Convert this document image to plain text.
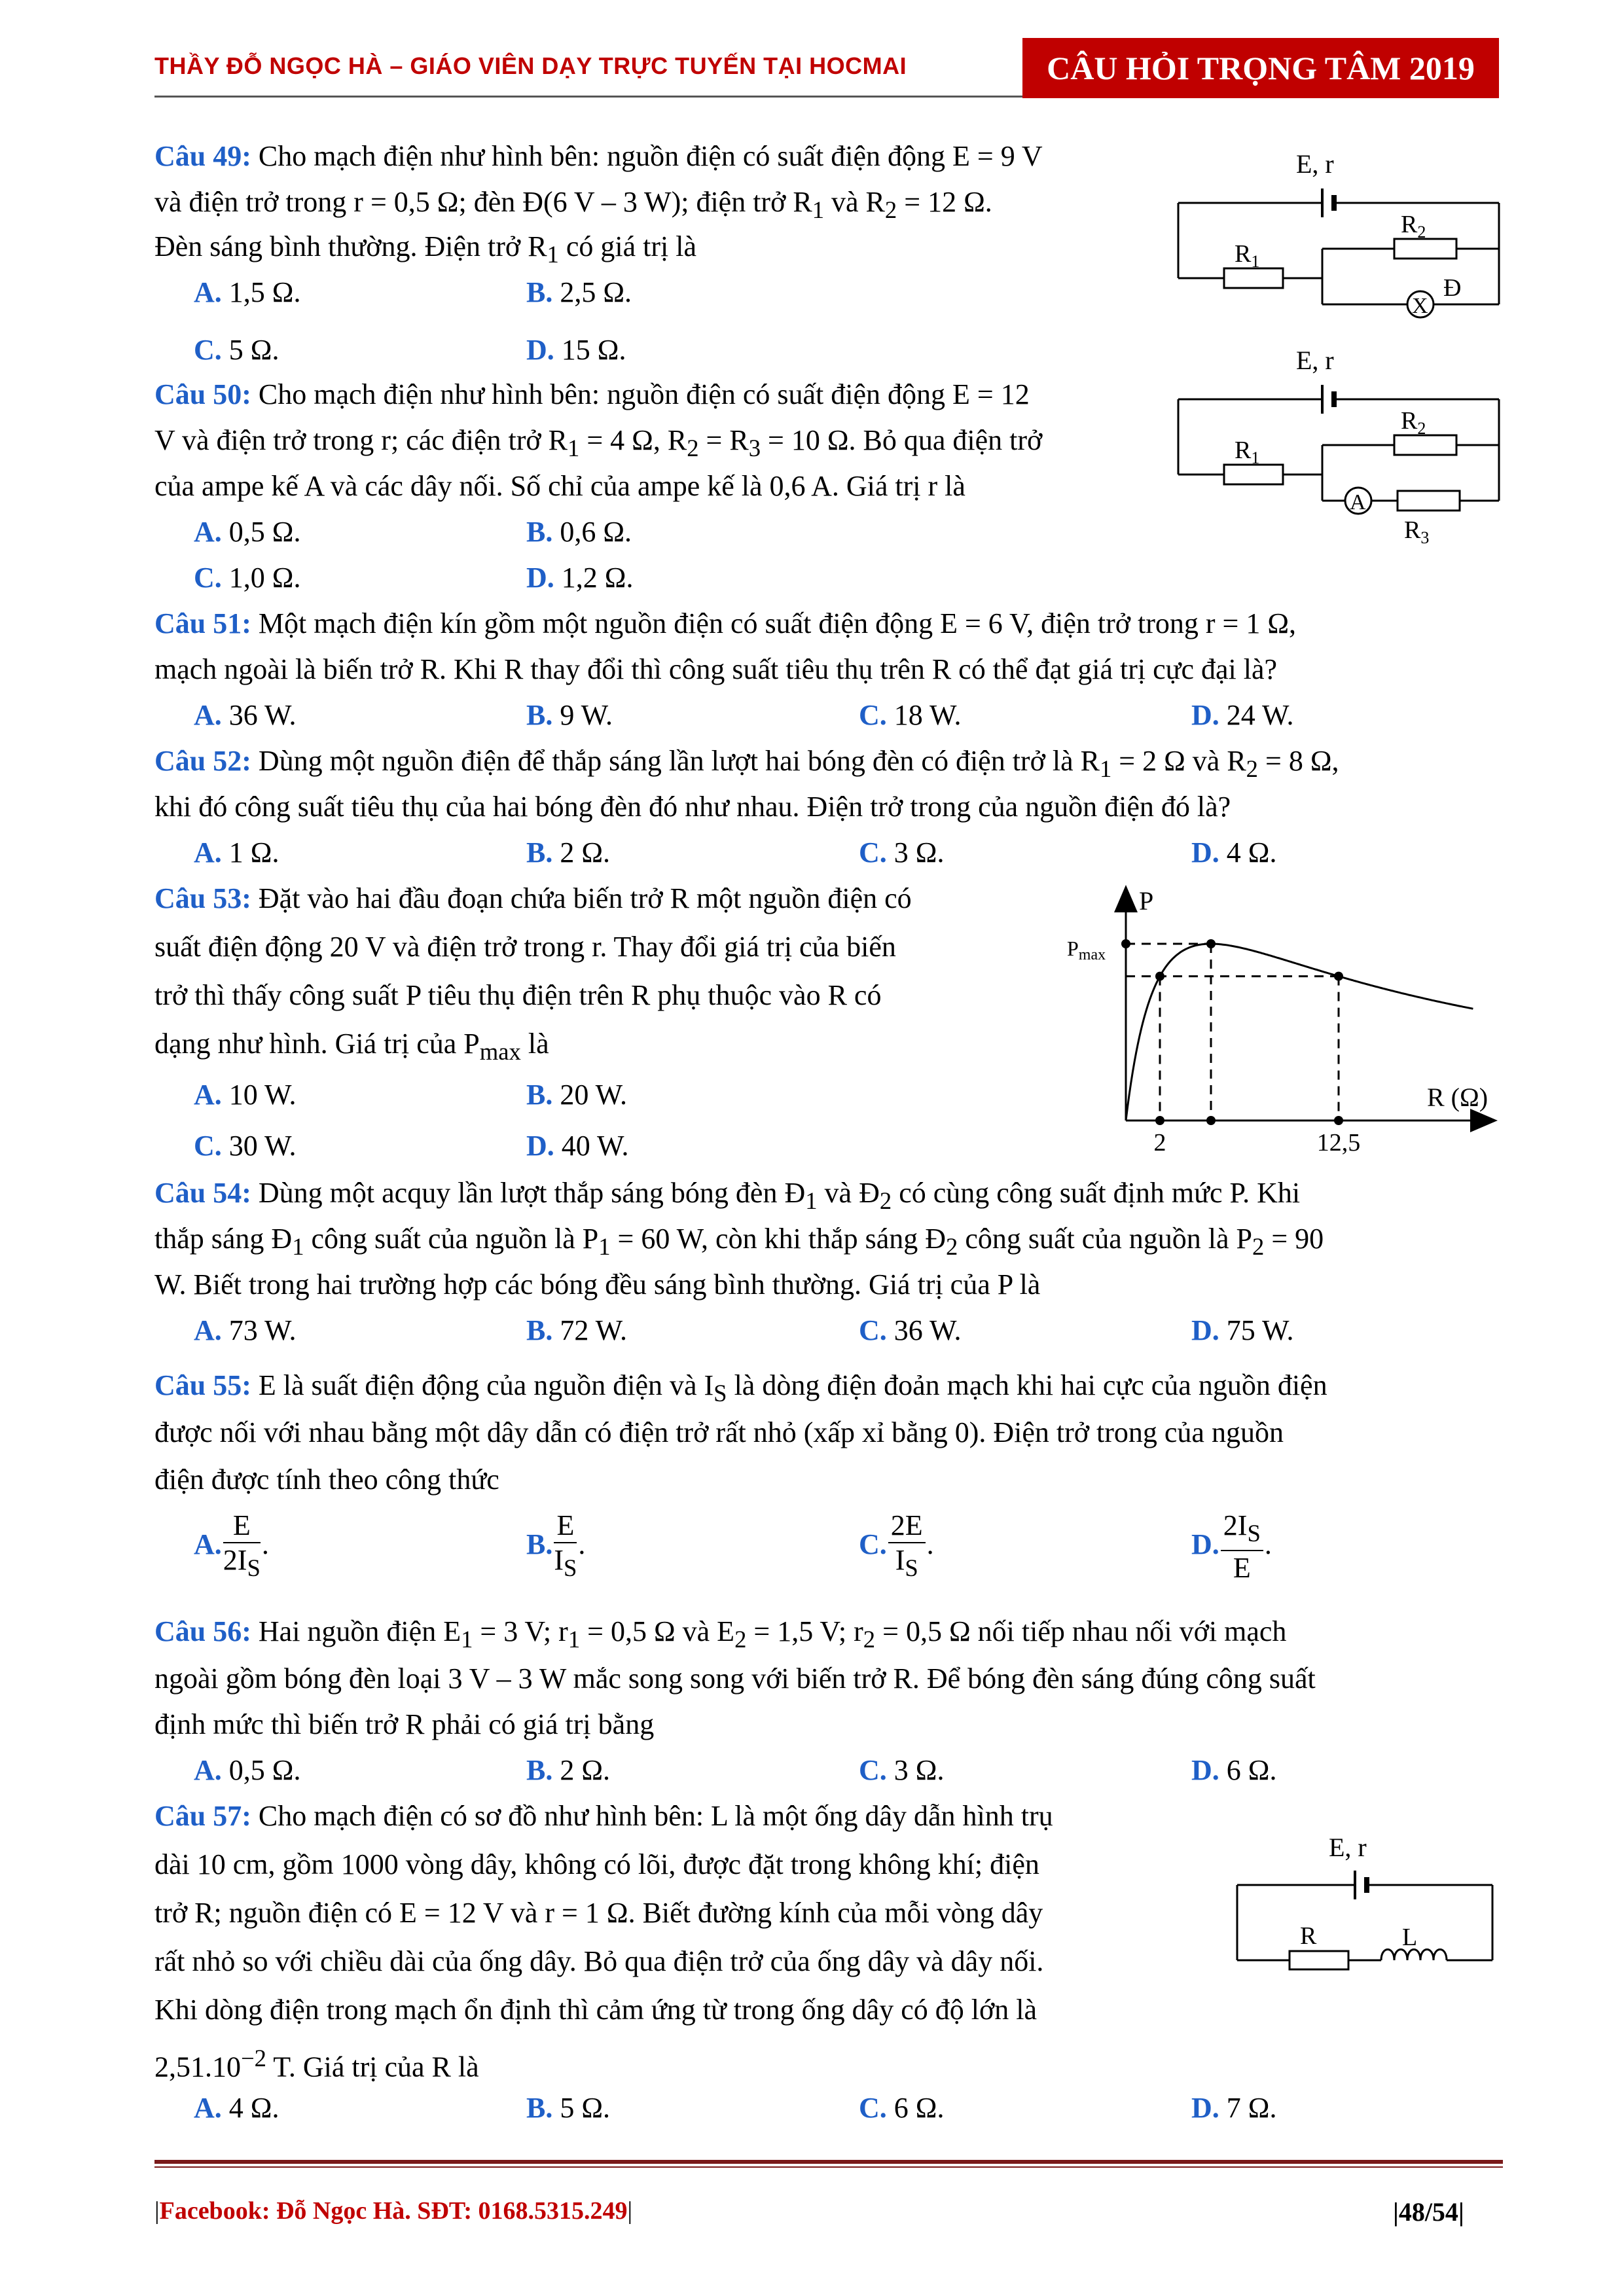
THẦY ĐỖ NGỌC HÀ – GIÁO VIÊN DẠY TRỰC TUYẾN TẠI HOCMAI	CÂU HỎI TRỌNG TÂM 2019
Câu 49: Cho mạch điện như hình bên: nguồn điện có suất điện động E = 9 V
và điện trở trong r = 0,5 Ω; đèn Đ(6 V – 3 W); điện trở $R_1$ và $R_2 = 12$ Ω.
Đèn sáng bình thường. Điện trở $R_1$ có giá trị là
A. 1,5 Ω.	B. 2,5 Ω.
C. 5 Ω.	D. 15 Ω.
E, r
$R_1$
$R_2$
X
Đ
Câu 50: Cho mạch điện như hình bên: nguồn điện có suất điện động E = 12
V và điện trở trong r; các điện trở $R_1 = 4$ Ω, $R_2 = R_3 = 10$ Ω. Bỏ qua điện trở
của ampe kế A và các dây nối. Số chỉ của ampe kế là 0,6 A. Giá trị r là
A. 0,5 Ω.	B. 0,6 Ω.
C. 1,0 Ω.	D. 1,2 Ω.
E, r
$R_1$
$R_2$
A
$R_3$
Câu 51: Một mạch điện kín gồm một nguồn điện có suất điện động E = 6 V, điện trở trong r = 1 Ω,
mạch ngoài là biến trở R. Khi R thay đổi thì công suất tiêu thụ trên R có thể đạt giá trị cực đại là?
A. 36 W.	B. 9 W.	C. 18 W.	D. 24 W.
Câu 52: Dùng một nguồn điện để thắp sáng lần lượt hai bóng đèn có điện trở là $R_1 = 2$ Ω và $R_2 = 8$ Ω,
khi đó công suất tiêu thụ của hai bóng đèn đó như nhau. Điện trở trong của nguồn điện đó là?
A. 1 Ω.	B. 2 Ω.	C. 3 Ω.	D. 4 Ω.
Câu 53: Đặt vào hai đầu đoạn chứa biến trở R một nguồn điện có
suất điện động 20 V và điện trở trong r. Thay đổi giá trị của biến
trở thì thấy công suất P tiêu thụ điện trên R phụ thuộc vào R có
dạng như hình. Giá trị của $P_{max}$ là
A. 10 W.	B. 20 W.
C. 30 W.	D. 40 W.
P
R (Ω)
Pmax
2	12,5
Câu 54: Dùng một acquy lần lượt thắp sáng bóng đèn $Đ_1$ và $Đ_2$ có cùng công suất định mức P. Khi
thắp sáng $Đ_1$ công suất của nguồn là $P_1 = 60$ W, còn khi thắp sáng $Đ_2$ công suất của nguồn là $P_2 = 90$
W. Biết trong hai trường hợp các bóng đều sáng bình thường. Giá trị của P là
A. 73 W.	B. 72 W.	C. 36 W.	D. 75 W.
Câu 55: E là suất điện động của nguồn điện và $I_S$ là dòng điện đoản mạch khi hai cực của nguồn điện
được nối với nhau bằng một dây dẫn có điện trở rất nhỏ (xấp xỉ bằng 0). Điện trở trong của nguồn
điện được tính theo công thức
A. $\frac{E}{2I_S}$ .	B. $\frac{E}{I_S}$ .	C. $\frac{2E}{I_S}$ .	D. $\frac{2I_S}{E}$ .
Câu 56: Hai nguồn điện $E_1 = 3$ V; $r_1 = 0,5$ Ω và $E_2 = 1,5$ V; $r_2 = 0,5$ Ω nối tiếp nhau nối với mạch
ngoài gồm bóng đèn loại 3 V – 3 W mắc song song với biến trở R. Để bóng đèn sáng đúng công suất
định mức thì biến trở R phải có giá trị bằng
A. 0,5 Ω.	B. 2 Ω.	C. 3 Ω.	D. 6 Ω.
Câu 57: Cho mạch điện có sơ đồ như hình bên: L là một ống dây dẫn hình trụ
dài 10 cm, gồm 1000 vòng dây, không có lõi, được đặt trong không khí; điện
trở R; nguồn điện có E = 12 V và r = 1 Ω. Biết đường kính của mỗi vòng dây
rất nhỏ so với chiều dài của ống dây. Bỏ qua điện trở của ống dây và dây nối.
Khi dòng điện trong mạch ổn định thì cảm ứng từ trong ống dây có độ lớn là
$2,51.10^{-2}$ T. Giá trị của R là
A. 4 Ω.	B. 5 Ω.	C. 6 Ω.	D. 7 Ω.
E, r
R	L
|Facebook: Đỗ Ngọc Hà. SĐT: 0168.5315.249|	|48/54|
